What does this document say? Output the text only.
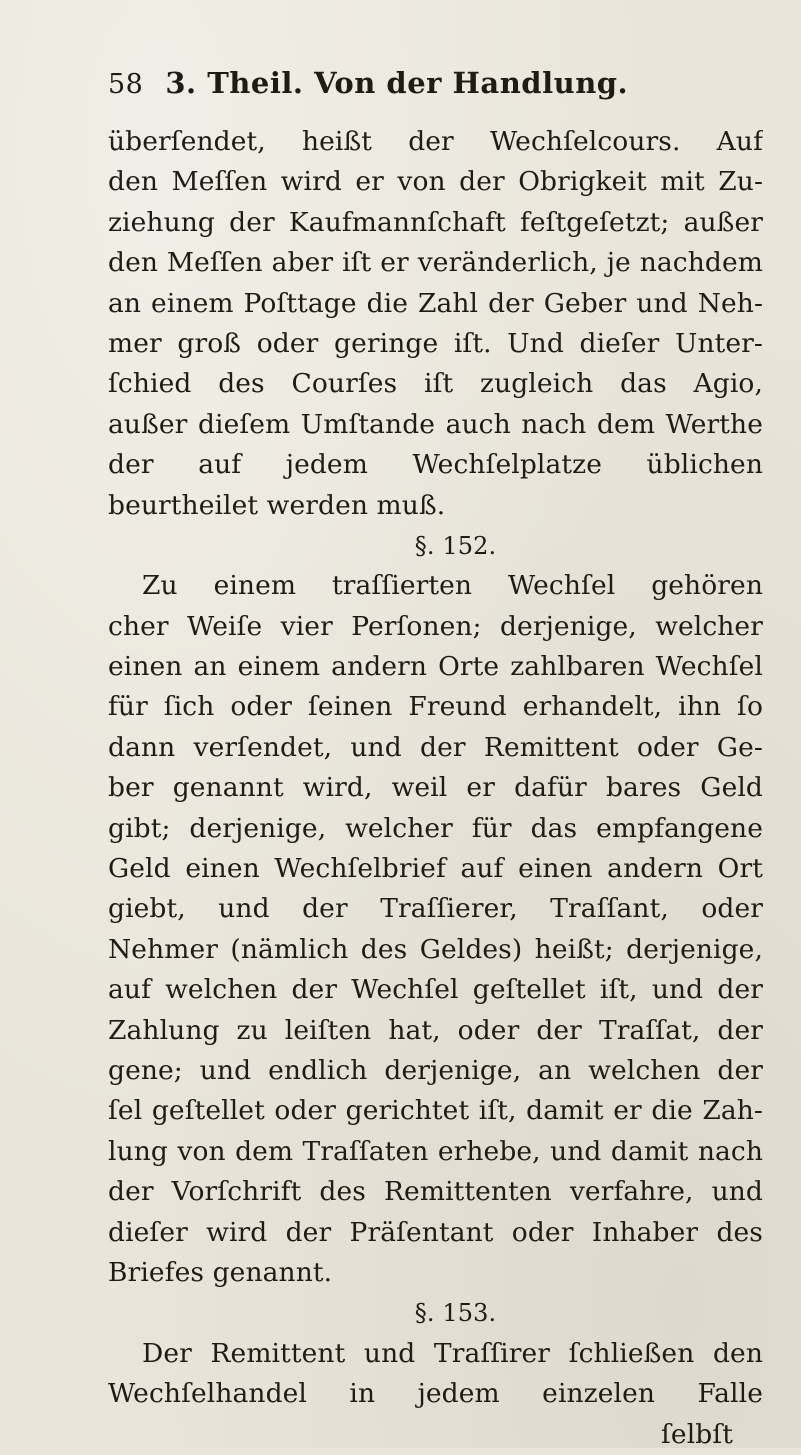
58 3. Theil. Von der Handlung.
überſendet, heißt der Wechſelcours. Auf
den Meſſen wird er von der Obrigkeit mit Zu-
ziehung der Kaufmannſchaft feſtgeſetzt; außer
den Meſſen aber iſt er veränderlich, je nachdem
an einem Poſttage die Zahl der Geber und Neh-
mer groß oder geringe iſt. Und dieſer Unter-
ſchied des Courſes iſt zugleich das Agio,
außer dieſem Umſtande auch nach dem Werthe
der auf jedem Wechſelplatze üblichen
beurtheilet werden muß.
§. 152.
Zu einem traſſierten Wechſel gehören
cher Weiſe vier Perſonen; derjenige, welcher
einen an einem andern Orte zahlbaren Wechſel
für ſich oder ſeinen Freund erhandelt, ihn ſo
dann verſendet, und der Remittent oder Ge-
ber genannt wird, weil er dafür bares Geld
gibt; derjenige, welcher für das empfangene
Geld einen Wechſelbrief auf einen andern Ort
giebt, und der Traſſierer, Traſſant, oder
Nehmer (nämlich des Geldes) heißt; derjenige,
auf welchen der Wechſel geſtellet iſt, und der
Zahlung zu leiſten hat, oder der Traſſat, der
gene; und endlich derjenige, an welchen der
ſel geſtellet oder gerichtet iſt, damit er die Zah-
lung von dem Traſſaten erhebe, und damit nach
der Vorſchrift des Remittenten verfahre, und
dieſer wird der Präſentant oder Inhaber des
Briefes genannt.
§. 153.
Der Remittent und Traſſirer ſchließen den
Wechſelhandel in jedem einzelen Falle
ſelbſt
